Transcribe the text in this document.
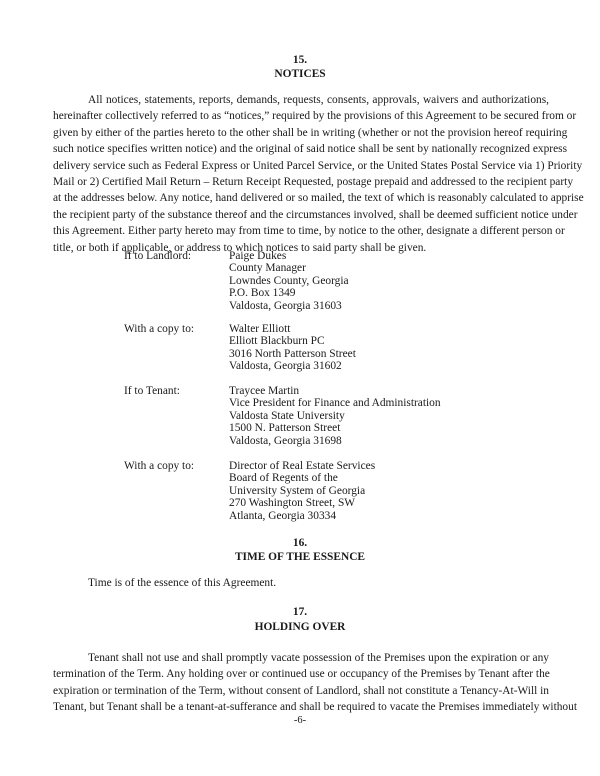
15.
NOTICES
All notices, statements, reports, demands, requests, consents, approvals, waivers and authorizations,
hereinafter collectively referred to as “notices,” required by the provisions of this Agreement to be secured from or
given by either of the parties hereto to the other shall be in writing (whether or not the provision hereof requiring
such notice specifies written notice) and the original of said notice shall be sent by nationally recognized express
delivery service such as Federal Express or United Parcel Service, or the United States Postal Service via 1) Priority
Mail or 2) Certified Mail Return – Return Receipt Requested, postage prepaid and addressed to the recipient party
at the addresses below. Any notice, hand delivered or so mailed, the text of which is reasonably calculated to apprise
the recipient party of the substance thereof and the circumstances involved, shall be deemed sufficient notice under
this Agreement. Either party hereto may from time to time, by notice to the other, designate a different person or
title, or both if applicable, or address to which notices to said party shall be given.
If to Landlord:	Paige Dukes
County Manager
Lowndes County, Georgia
P.O. Box 1349
Valdosta, Georgia 31603
With a copy to:	Walter Elliott
Elliott Blackburn PC
3016 North Patterson Street
Valdosta, Georgia 31602
If to Tenant:	Traycee Martin
Vice President for Finance and Administration
Valdosta State University
1500 N. Patterson Street
Valdosta, Georgia 31698
With a copy to:	Director of Real Estate Services
Board of Regents of the
University System of Georgia
270 Washington Street, SW
Atlanta, Georgia 30334
16.
TIME OF THE ESSENCE
Time is of the essence of this Agreement.
17.
HOLDING OVER
Tenant shall not use and shall promptly vacate possession of the Premises upon the expiration or any
termination of the Term. Any holding over or continued use or occupancy of the Premises by Tenant after the
expiration or termination of the Term, without consent of Landlord, shall not constitute a Tenancy-At-Will in
Tenant, but Tenant shall be a tenant-at-sufferance and shall be required to vacate the Premises immediately without
-6-
